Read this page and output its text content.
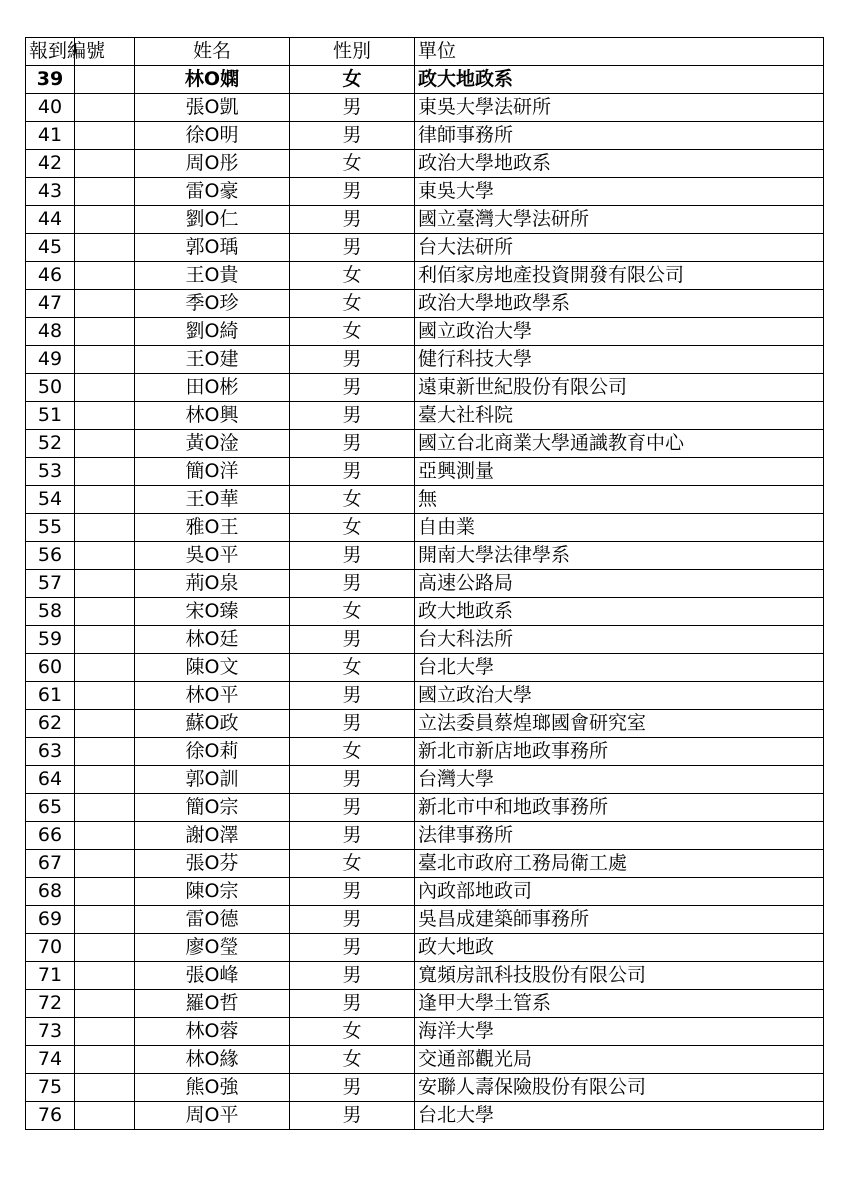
報到編號		姓名	性別	單位
39		林O嫻	女	政大地政系
40		張O凱	男	東吳大學法研所
41		徐O明	男	律師事務所
42		周O彤	女	政治大學地政系
43		雷O豪	男	東吳大學
44		劉O仁	男	國立臺灣大學法研所
45		郭O瑀	男	台大法研所
46		王O貴	女	利佰家房地產投資開發有限公司
47		季O珍	女	政治大學地政學系
48		劉O綺	女	國立政治大學
49		王O建	男	健行科技大學
50		田O彬	男	遠東新世紀股份有限公司
51		林O興	男	臺大社科院
52		黃O淦	男	國立台北商業大學通識教育中心
53		簡O洋	男	亞興測量
54		王O華	女	無
55		雅O王	女	自由業
56		吳O平	男	開南大學法律學系
57		荊O泉	男	高速公路局
58		宋O臻	女	政大地政系
59		林O廷	男	台大科法所
60		陳O文	女	台北大學
61		林O平	男	國立政治大學
62		蘇O政	男	立法委員蔡煌瑯國會研究室
63		徐O莉	女	新北市新店地政事務所
64		郭O訓	男	台灣大學
65		簡O宗	男	新北市中和地政事務所
66		謝O澤	男	法律事務所
67		張O芬	女	臺北市政府工務局衛工處
68		陳O宗	男	內政部地政司
69		雷O德	男	吳昌成建築師事務所
70		廖O瑩	男	政大地政
71		張O峰	男	寬頻房訊科技股份有限公司
72		羅O哲	男	逢甲大學土管系
73		林O蓉	女	海洋大學
74		林O緣	女	交通部觀光局
75		熊O強	男	安聯人壽保險股份有限公司
76		周O平	男	台北大學
